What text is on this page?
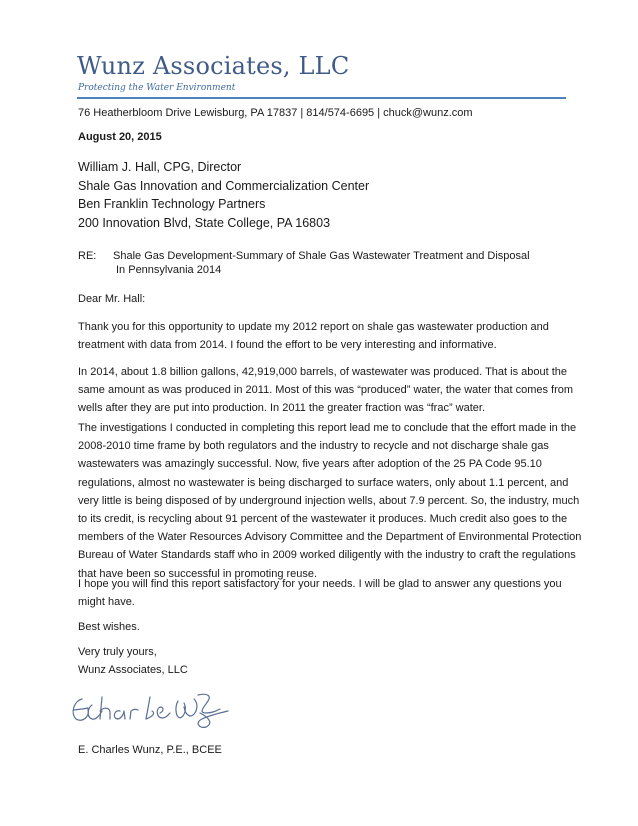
Wunz Associates, LLC
Protecting the Water Environment
76 Heatherbloom Drive Lewisburg, PA 17837 | 814/574-6695 | chuck@wunz.com
August 20, 2015
William J. Hall, CPG, Director
Shale Gas Innovation and Commercialization Center
Ben Franklin Technology Partners
200 Innovation Blvd, State College, PA 16803
RE: Shale Gas Development-Summary of Shale Gas Wastewater Treatment and Disposal
In Pennsylvania 2014
Dear Mr. Hall:
Thank you for this opportunity to update my 2012 report on shale gas wastewater production and
treatment with data from 2014. I found the effort to be very interesting and informative.
In 2014, about 1.8 billion gallons, 42,919,000 barrels, of wastewater was produced. That is about the
same amount as was produced in 2011. Most of this was “produced” water, the water that comes from
wells after they are put into production. In 2011 the greater fraction was “frac” water.
The investigations I conducted in completing this report lead me to conclude that the effort made in the
2008-2010 time frame by both regulators and the industry to recycle and not discharge shale gas
wastewaters was amazingly successful. Now, five years after adoption of the 25 PA Code 95.10
regulations, almost no wastewater is being discharged to surface waters, only about 1.1 percent, and
very little is being disposed of by underground injection wells, about 7.9 percent. So, the industry, much
to its credit, is recycling about 91 percent of the wastewater it produces. Much credit also goes to the
members of the Water Resources Advisory Committee and the Department of Environmental Protection
Bureau of Water Standards staff who in 2009 worked diligently with the industry to craft the regulations
that have been so successful in promoting reuse.
I hope you will find this report satisfactory for your needs. I will be glad to answer any questions you
might have.
Best wishes.
Very truly yours,
Wunz Associates, LLC
E. Charles Wunz, P.E., BCEE
